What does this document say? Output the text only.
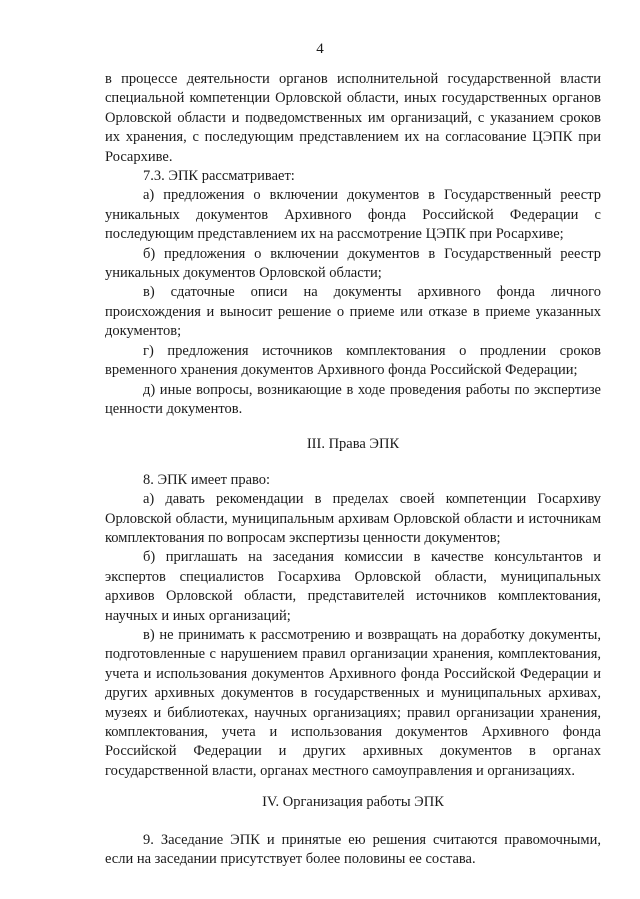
4

в процессе деятельности органов исполнительной государственной власти специальной компетенции Орловской области, иных государственных органов Орловской области и подведомственных им организаций, с указанием сроков их хранения, с последующим представлением их на согласование ЦЭПК при Росархиве.

7.3. ЭПК рассматривает:

а) предложения о включении документов в Государственный реестр уникальных документов Архивного фонда Российской Федерации с последующим представлением их на рассмотрение ЦЭПК при Росархиве;

б) предложения о включении документов в Государственный реестр уникальных документов Орловской области;

в) сдаточные описи на документы архивного фонда личного происхождения и выносит решение о приеме или отказе в приеме указанных документов;

г) предложения источников комплектования о продлении сроков временного хранения документов Архивного фонда Российской Федерации;

д) иные вопросы, возникающие в ходе проведения работы по экспертизе ценности документов.

III. Права ЭПК

8. ЭПК имеет право:

а) давать рекомендации в пределах своей компетенции Госархиву Орловской области, муниципальным архивам Орловской области и источникам комплектования по вопросам экспертизы ценности документов;

б) приглашать на заседания комиссии в качестве консультантов и экспертов специалистов Госархива Орловской области, муниципальных архивов Орловской области, представителей источников комплектования, научных и иных организаций;

в) не принимать к рассмотрению и возвращать на доработку документы, подготовленные с нарушением правил организации хранения, комплектования, учета и использования документов Архивного фонда Российской Федерации и других архивных документов в государственных и муниципальных архивах, музеях и библиотеках, научных организациях; правил организации хранения, комплектования, учета и использования документов Архивного фонда Российской Федерации и других архивных документов в органах государственной власти, органах местного самоуправления и организациях.

IV. Организация работы ЭПК

9. Заседание ЭПК и принятые ею решения считаются правомочными, если на заседании присутствует более половины ее состава.
